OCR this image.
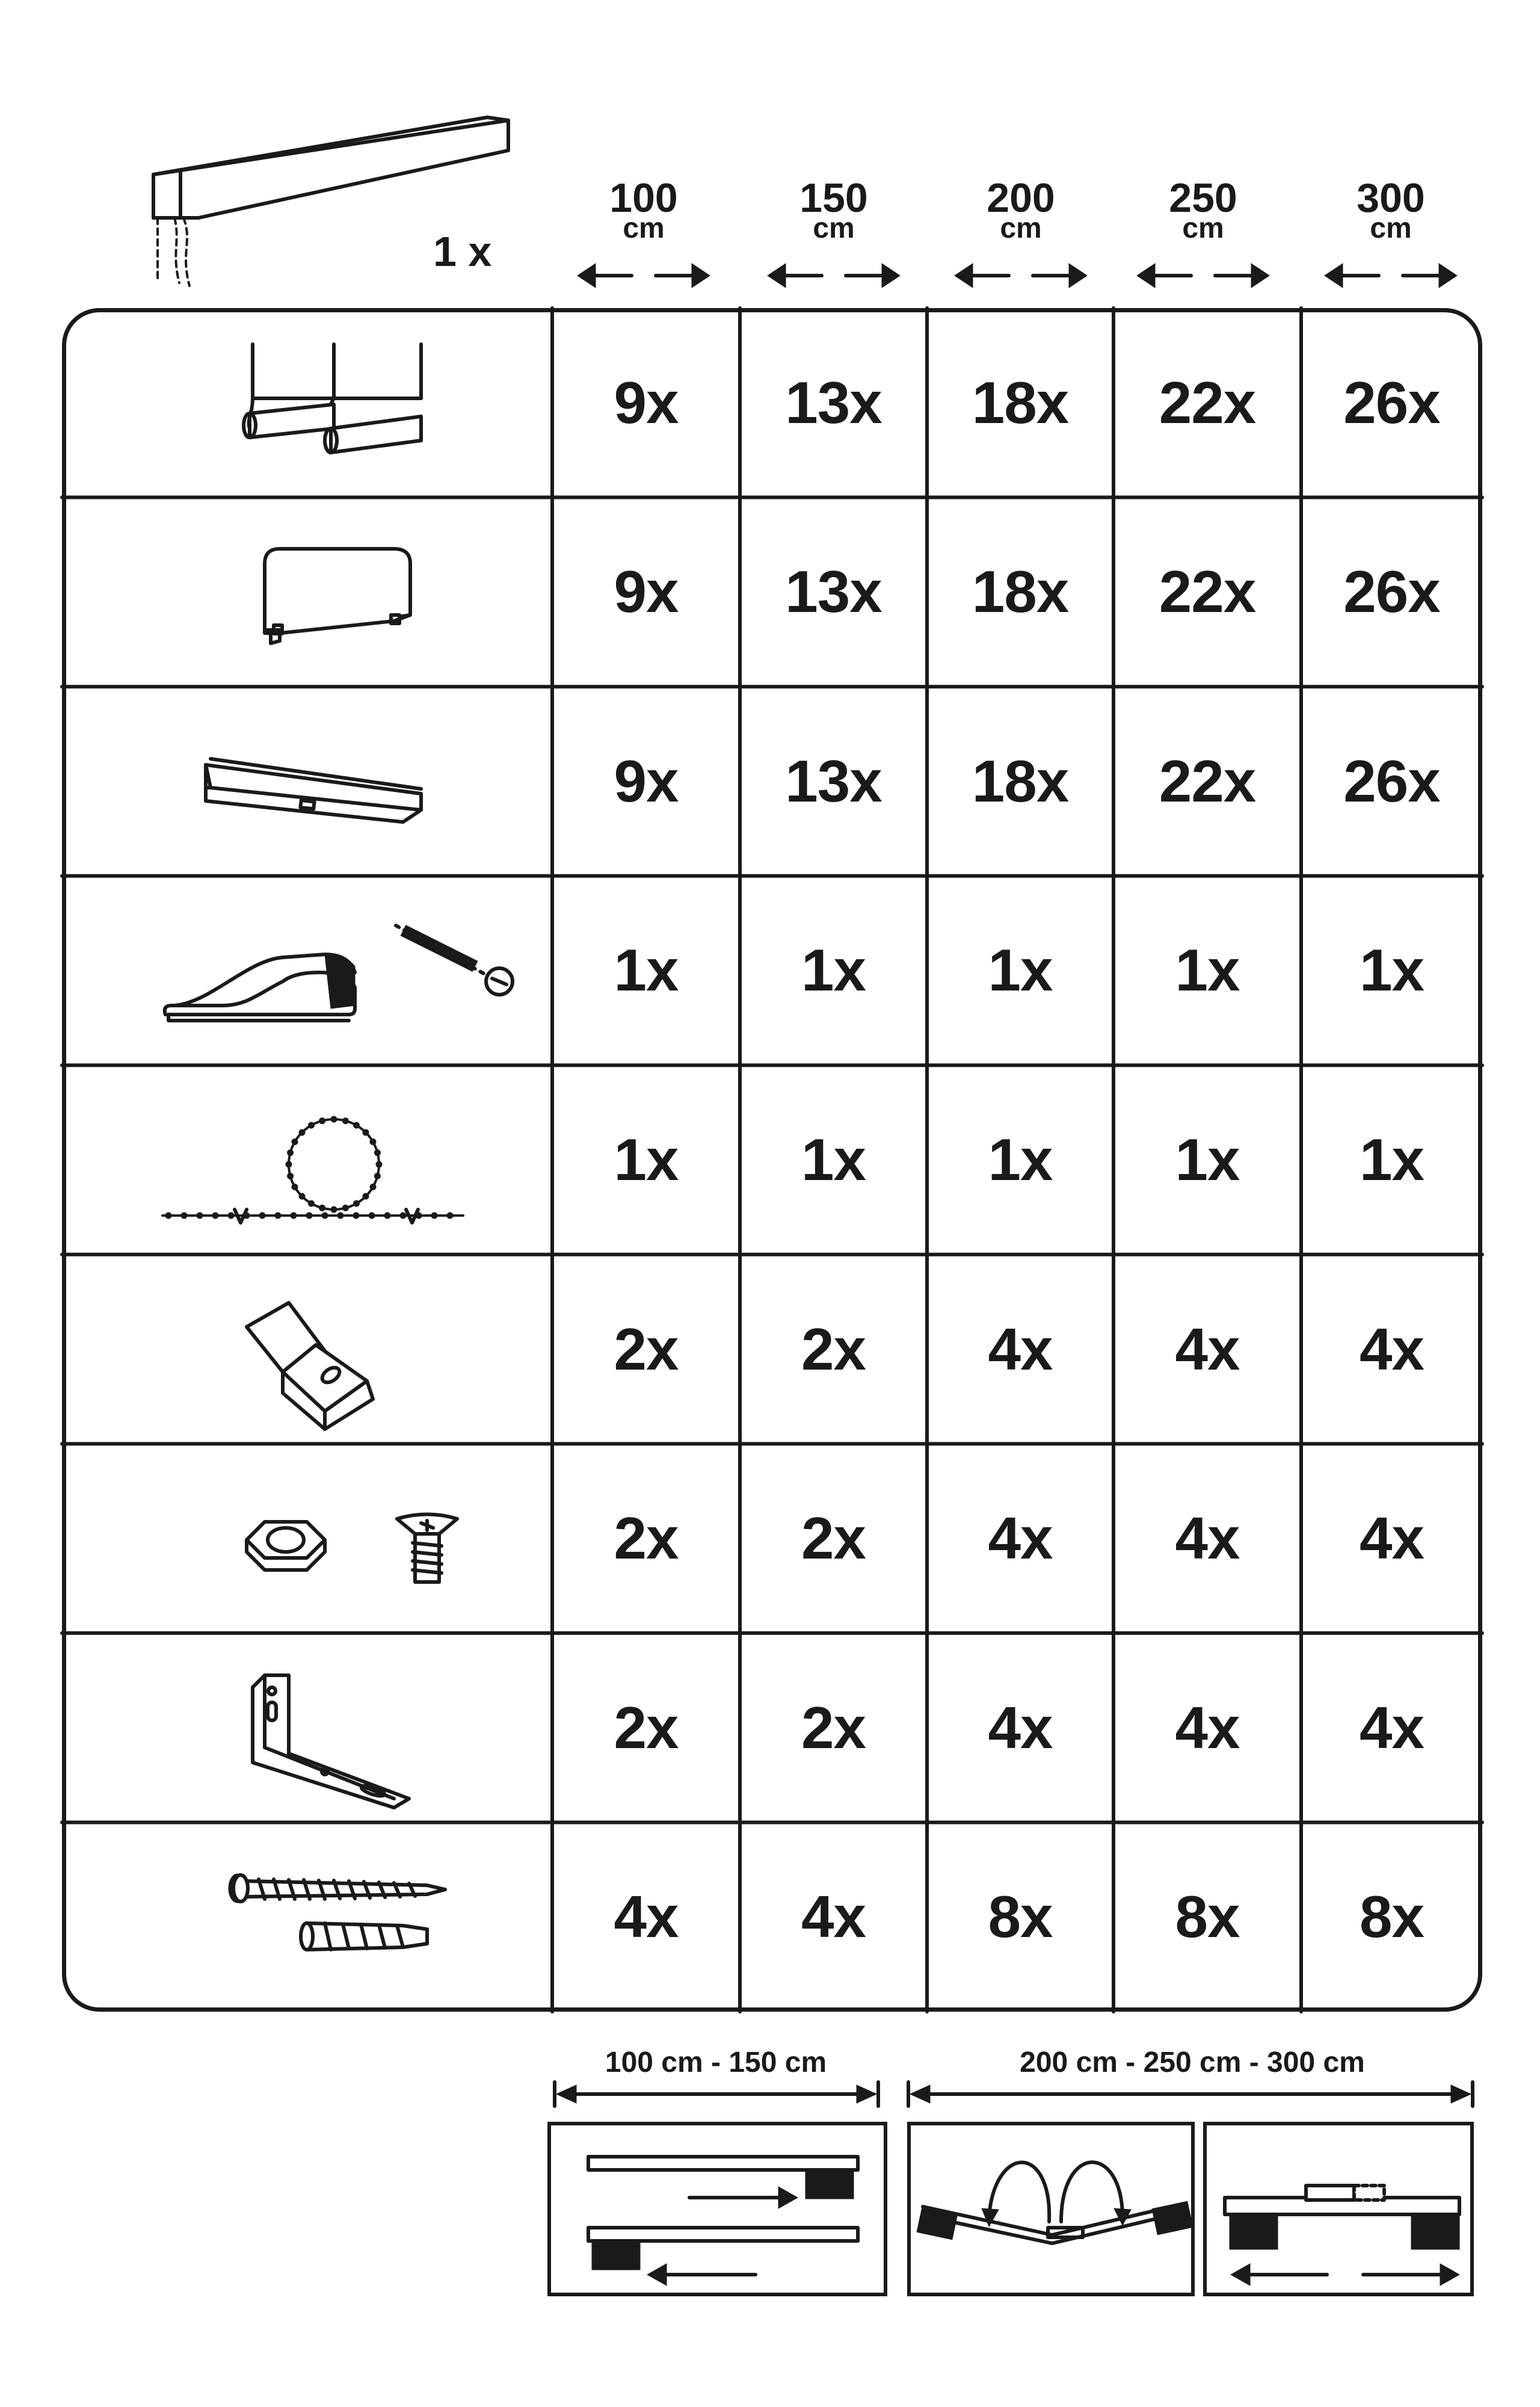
1 x
100
cm
150
cm
200
cm
250
cm
300
cm
9x	13x	18x	22x	26x
9x	13x	18x	22x	26x
9x	13x	18x	22x	26x
1x	1x	1x	1x	1x
1x	1x	1x	1x	1x
2x	2x	4x	4x	4x
2x	2x	4x	4x	4x
2x	2x	4x	4x	4x
4x	4x	8x	8x	8x
100 cm - 150 cm	200 cm - 250 cm - 300 cm
